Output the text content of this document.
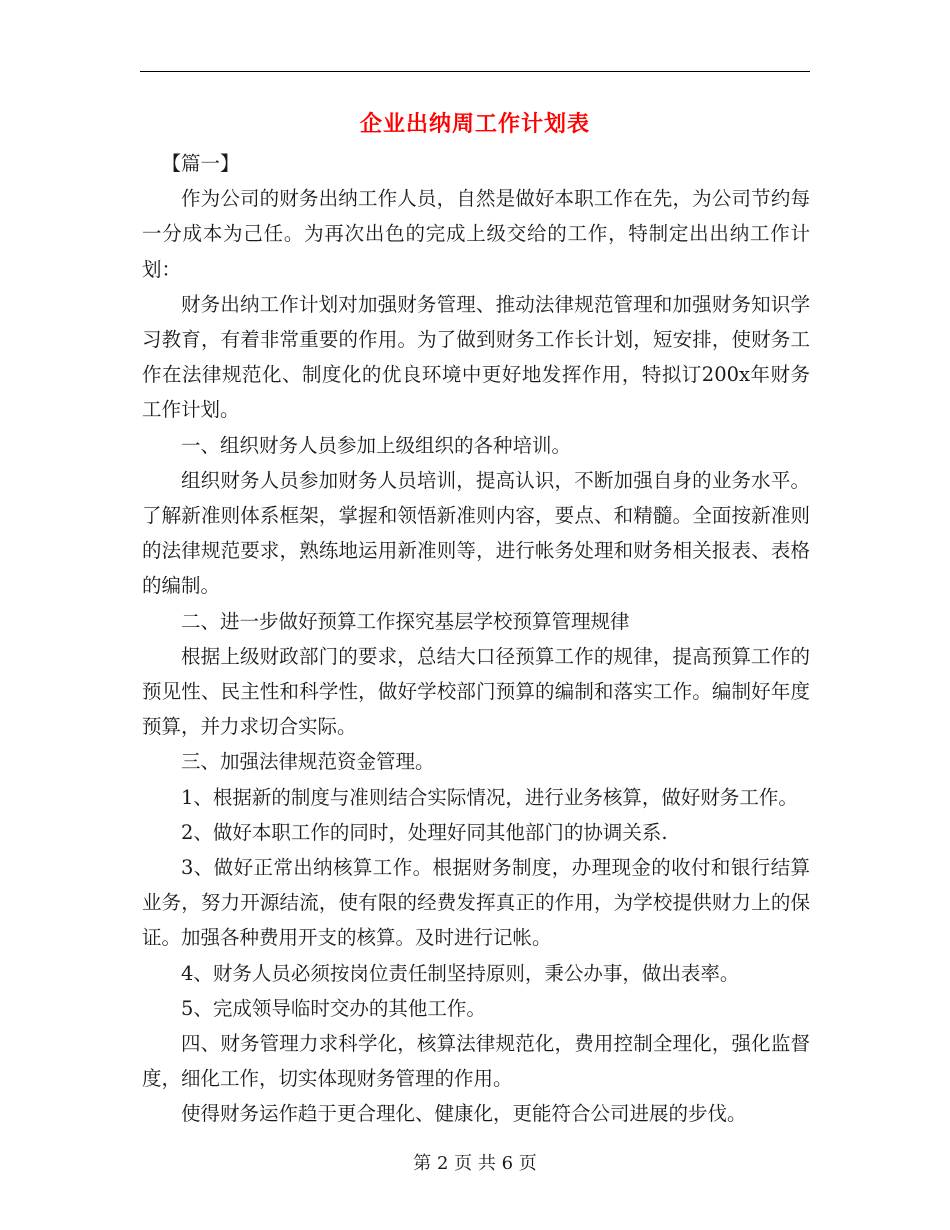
企业出纳周工作计划表

【篇一】

作为公司的财务出纳工作人员，自然是做好本职工作在先，为公司节约每一分成本为己任。为再次出色的完成上级交给的工作，特制定出出纳工作计划：

财务出纳工作计划对加强财务管理、推动法律规范管理和加强财务知识学习教育，有着非常重要的作用。为了做到财务工作长计划，短安排，使财务工作在法律规范化、制度化的优良环境中更好地发挥作用，特拟订200x年财务工作计划。

一、组织财务人员参加上级组织的各种培训。

组织财务人员参加财务人员培训，提高认识，不断加强自身的业务水平。了解新准则体系框架，掌握和领悟新准则内容，要点、和精髓。全面按新准则的法律规范要求，熟练地运用新准则等，进行帐务处理和财务相关报表、表格的编制。

二、进一步做好预算工作探究基层学校预算管理规律

根据上级财政部门的要求，总结大口径预算工作的规律，提高预算工作的预见性、民主性和科学性，做好学校部门预算的编制和落实工作。编制好年度预算，并力求切合实际。

三、加强法律规范资金管理。

1、根据新的制度与准则结合实际情况，进行业务核算，做好财务工作。

2、做好本职工作的同时，处理好同其他部门的协调关系.

3、做好正常出纳核算工作。根据财务制度，办理现金的收付和银行结算业务，努力开源结流，使有限的经费发挥真正的作用，为学校提供财力上的保证。加强各种费用开支的核算。及时进行记帐。

4、财务人员必须按岗位责任制坚持原则，秉公办事，做出表率。

5、完成领导临时交办的其他工作。

四、财务管理力求科学化，核算法律规范化，费用控制全理化，强化监督度，细化工作，切实体现财务管理的作用。

使得财务运作趋于更合理化、健康化，更能符合公司进展的步伐。

第 2 页 共 6 页
